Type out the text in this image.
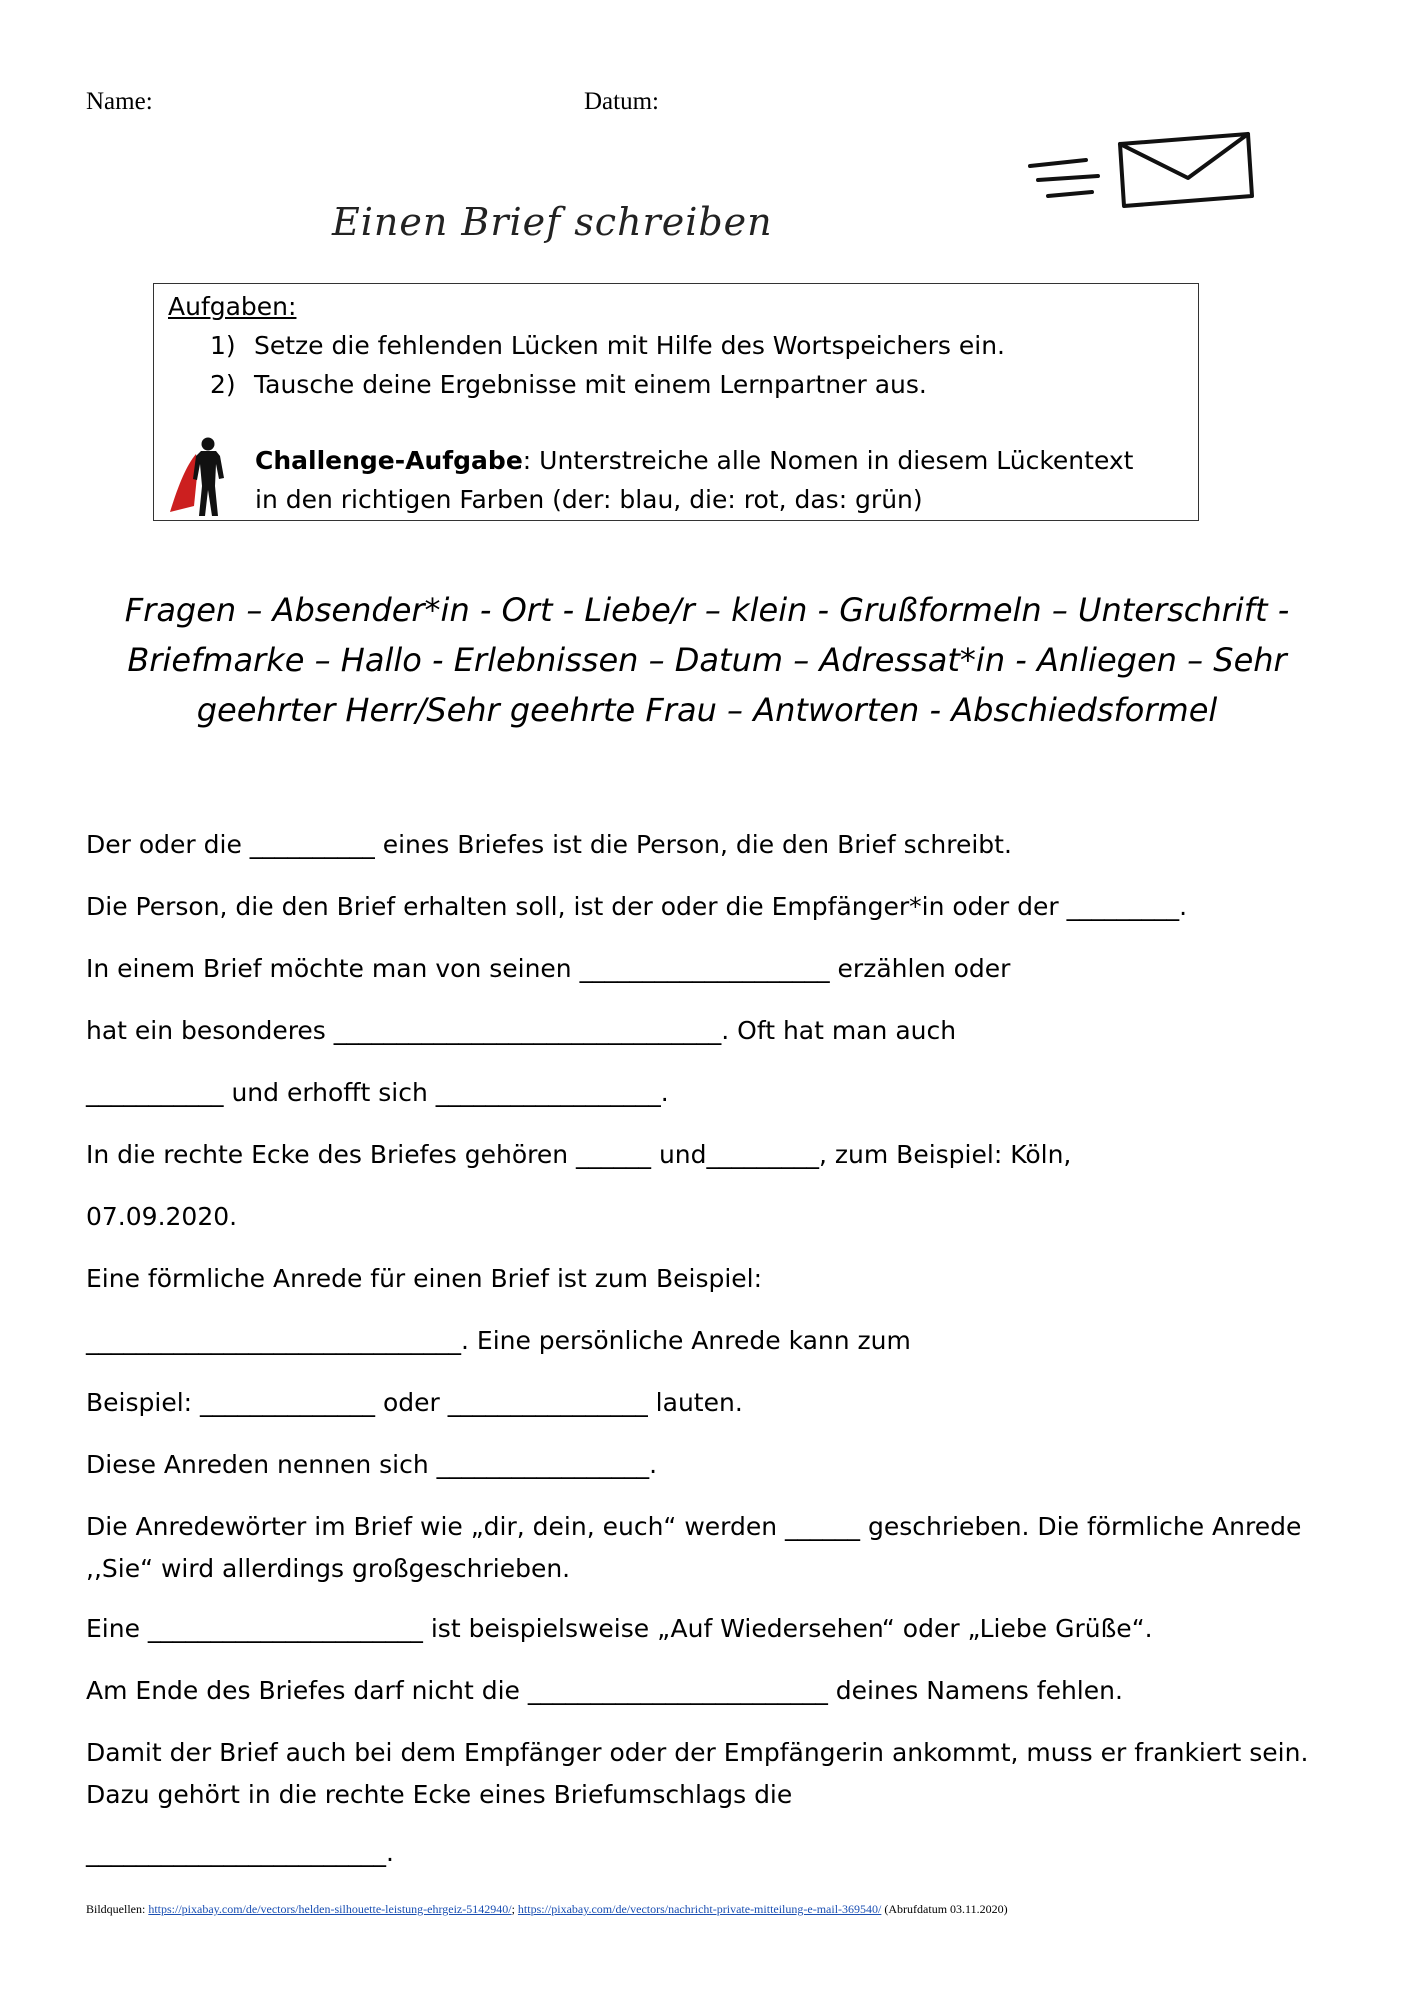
Name:	Datum:
Einen Brief schreiben
Aufgaben:
1) Setze die fehlenden Lücken mit Hilfe des Wortspeichers ein.
2) Tausche deine Ergebnisse mit einem Lernpartner aus.
Challenge-Aufgabe: Unterstreiche alle Nomen in diesem Lückentext
in den richtigen Farben (der: blau, die: rot, das: grün)
Fragen – Absender*in - Ort - Liebe/r – klein - Grußformeln – Unterschrift -
Briefmarke – Hallo - Erlebnissen – Datum – Adressat*in - Anliegen – Sehr
geehrter Herr/Sehr geehrte Frau – Antworten - Abschiedsformel
Der oder die __________ eines Briefes ist die Person, die den Brief schreibt.
Die Person, die den Brief erhalten soll, ist der oder die Empfänger*in oder der _________.
In einem Brief möchte man von seinen ____________________ erzählen oder
hat ein besonderes _______________________________. Oft hat man auch
___________ und erhofft sich __________________.
In die rechte Ecke des Briefes gehören ______ und_________, zum Beispiel: Köln,
07.09.2020.
Eine förmliche Anrede für einen Brief ist zum Beispiel:
______________________________. Eine persönliche Anrede kann zum
Beispiel: ______________ oder ________________ lauten.
Diese Anreden nennen sich _________________.
Die Anredewörter im Brief wie „dir, dein, euch“ werden ______ geschrieben. Die förmliche Anrede ,,Sie“ wird allerdings großgeschrieben.
Eine ______________________ ist beispielsweise „Auf Wiedersehen“ oder „Liebe Grüße“.
Am Ende des Briefes darf nicht die ________________________ deines Namens fehlen.
Damit der Brief auch bei dem Empfänger oder der Empfängerin ankommt, muss er frankiert sein. Dazu gehört in die rechte Ecke eines Briefumschlags die
________________________.
Bildquellen: https://pixabay.com/de/vectors/helden-silhouette-leistung-ehrgeiz-5142940/; https://pixabay.com/de/vectors/nachricht-private-mitteilung-e-mail-369540/ (Abrufdatum 03.11.2020)
